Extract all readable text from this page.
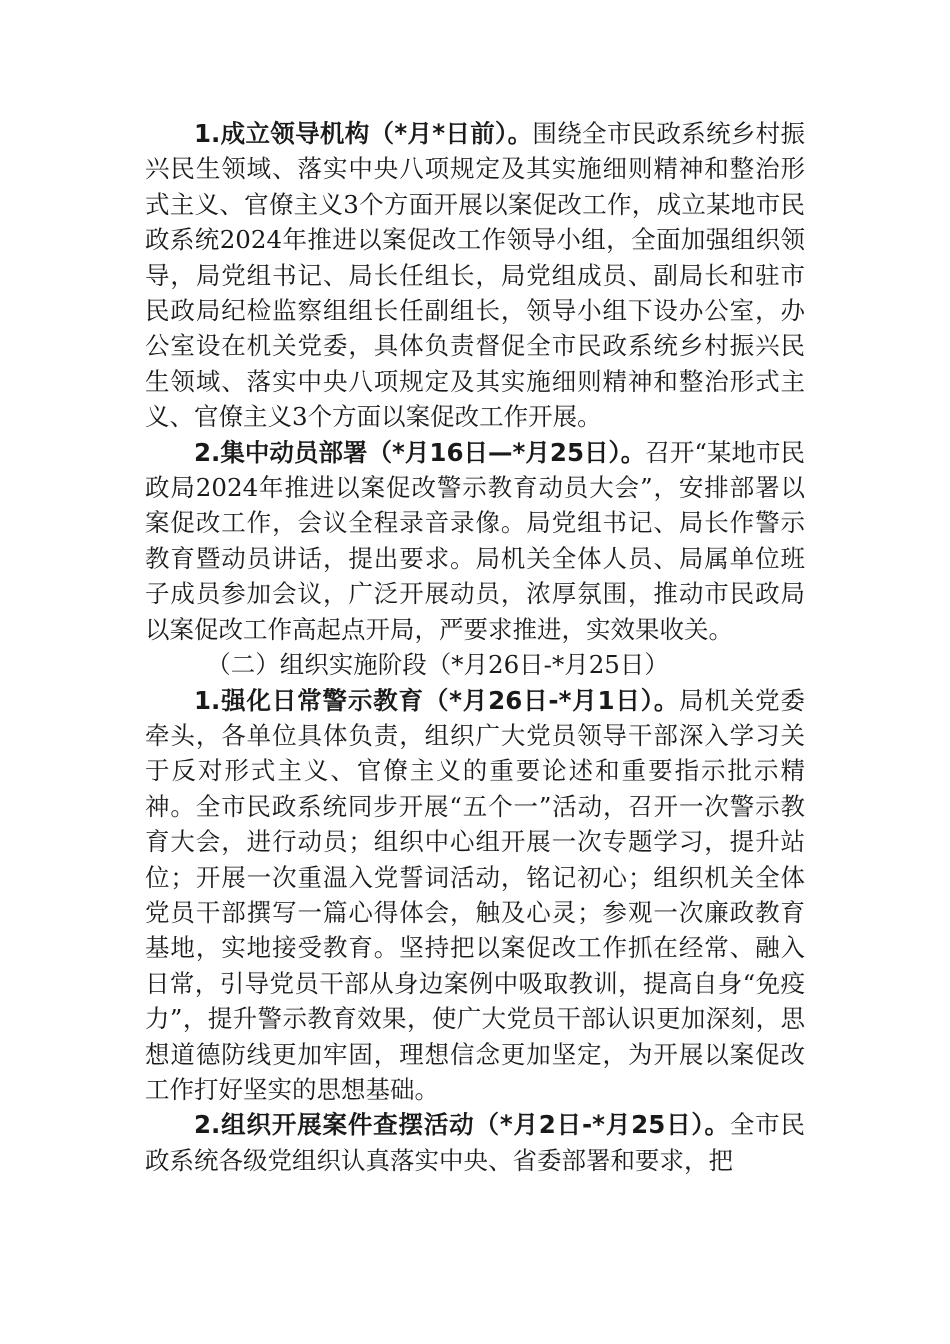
1.成立领导机构（*月*日前）。围绕全市民政系统乡村振兴民生领域、落实中央八项规定及其实施细则精神和整治形式主义、官僚主义3个方面开展以案促改工作，成立某地市民政系统2024年推进以案促改工作领导小组，全面加强组织领导，局党组书记、局长任组长，局党组成员、副局长和驻市民政局纪检监察组组长任副组长，领导小组下设办公室，办公室设在机关党委，具体负责督促全市民政系统乡村振兴民生领域、落实中央八项规定及其实施细则精神和整治形式主义、官僚主义3个方面以案促改工作开展。

2.集中动员部署（*月16日—*月25日）。召开“某地市民政局2024年推进以案促改警示教育动员大会”，安排部署以案促改工作，会议全程录音录像。局党组书记、局长作警示教育暨动员讲话，提出要求。局机关全体人员、局属单位班子成员参加会议，广泛开展动员，浓厚氛围，推动市民政局以案促改工作高起点开局，严要求推进，实效果收关。

（二）组织实施阶段（*月26日-*月25日）

1.强化日常警示教育（*月26日-*月1日）。局机关党委牵头，各单位具体负责，组织广大党员领导干部深入学习关于反对形式主义、官僚主义的重要论述和重要指示批示精神。全市民政系统同步开展“五个一”活动，召开一次警示教育大会，进行动员；组织中心组开展一次专题学习，提升站位；开展一次重温入党誓词活动，铭记初心；组织机关全体党员干部撰写一篇心得体会，触及心灵；参观一次廉政教育基地，实地接受教育。坚持把以案促改工作抓在经常、融入日常，引导党员干部从身边案例中吸取教训，提高自身“免疫力”，提升警示教育效果，使广大党员干部认识更加深刻，思想道德防线更加牢固，理想信念更加坚定，为开展以案促改工作打好坚实的思想基础。

2.组织开展案件查摆活动（*月2日-*月25日）。全市民政系统各级党组织认真落实中央、省委部署和要求，把
